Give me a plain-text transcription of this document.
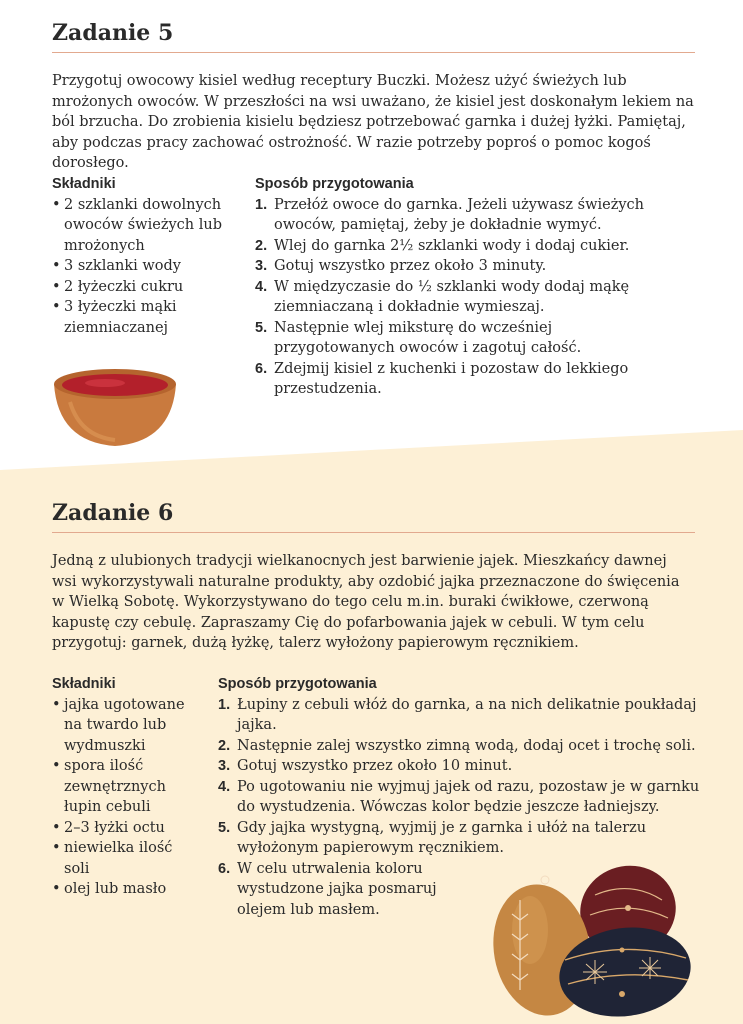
Zadanie 5

Przygotuj owocowy kisiel według receptury Buczki. Możesz użyć świeżych lub mrożonych owoców. W przeszłości na wsi uważano, że kisiel jest doskonałym lekiem na ból brzucha. Do zrobienia kisielu będziesz potrzebować garnka i dużej łyżki. Pamiętaj, aby podczas pracy zachować ostrożność. W razie potrzeby poproś o pomoc kogoś dorosłego.

Składniki
• 2 szklanki dowolnych owoców świeżych lub mrożonych
• 3 szklanki wody
• 2 łyżeczki cukru
• 3 łyżeczki mąki ziemniaczanej
Sposób przygotowania
1. Przełóż owoce do garnka. Jeżeli używasz świeżych owoców, pamiętaj, żeby je dokładnie wymyć.
2. Wlej do garnka 2½ szklanki wody i dodaj cukier.
3. Gotuj wszystko przez około 3 minuty.
4. W międzyczasie do ½ szklanki wody dodaj mąkę ziemniaczaną i dokładnie wymieszaj.
5. Następnie wlej miksturę do wcześniej przygotowanych owoców i zagotuj całość.
6. Zdejmij kisiel z kuchenki i pozostaw do lekkiego przestudzenia.
Zadanie 6

Jedną z ulubionych tradycji wielkanocnych jest barwienie jajek. Mieszkańcy dawnej wsi wykorzystywali naturalne produkty, aby ozdobić jajka przeznaczone do święcenia w Wielką Sobotę. Wykorzystywano do tego celu m.in. buraki ćwikłowe, czerwoną kapustę czy cebulę. Zapraszamy Cię do pofarbowania jajek w cebuli. W tym celu przygotuj: garnek, dużą łyżkę, talerz wyłożony papierowym ręcznikiem.

Składniki
• jajka ugotowane na twardo lub wydmuszki
• spora ilość zewnętrznych łupin cebuli
• 2–3 łyżki octu
• niewielka ilość soli
• olej lub masło
Sposób przygotowania
1. Łupiny z cebuli włóż do garnka, a na nich delikatnie poukładaj jajka.
2. Następnie zalej wszystko zimną wodą, dodaj ocet i trochę soli.
3. Gotuj wszystko przez około 10 minut.
4. Po ugotowaniu nie wyjmuj jajek od razu, pozostaw je w garnku do wystudzenia. Wówczas kolor będzie jeszcze ładniejszy.
5. Gdy jajka wystygną, wyjmij je z garnka i ułóż na talerzu wyłożonym papierowym ręcznikiem.
6. W celu utrwalenia koloru wystudzone jajka posmaruj olejem lub masłem.
